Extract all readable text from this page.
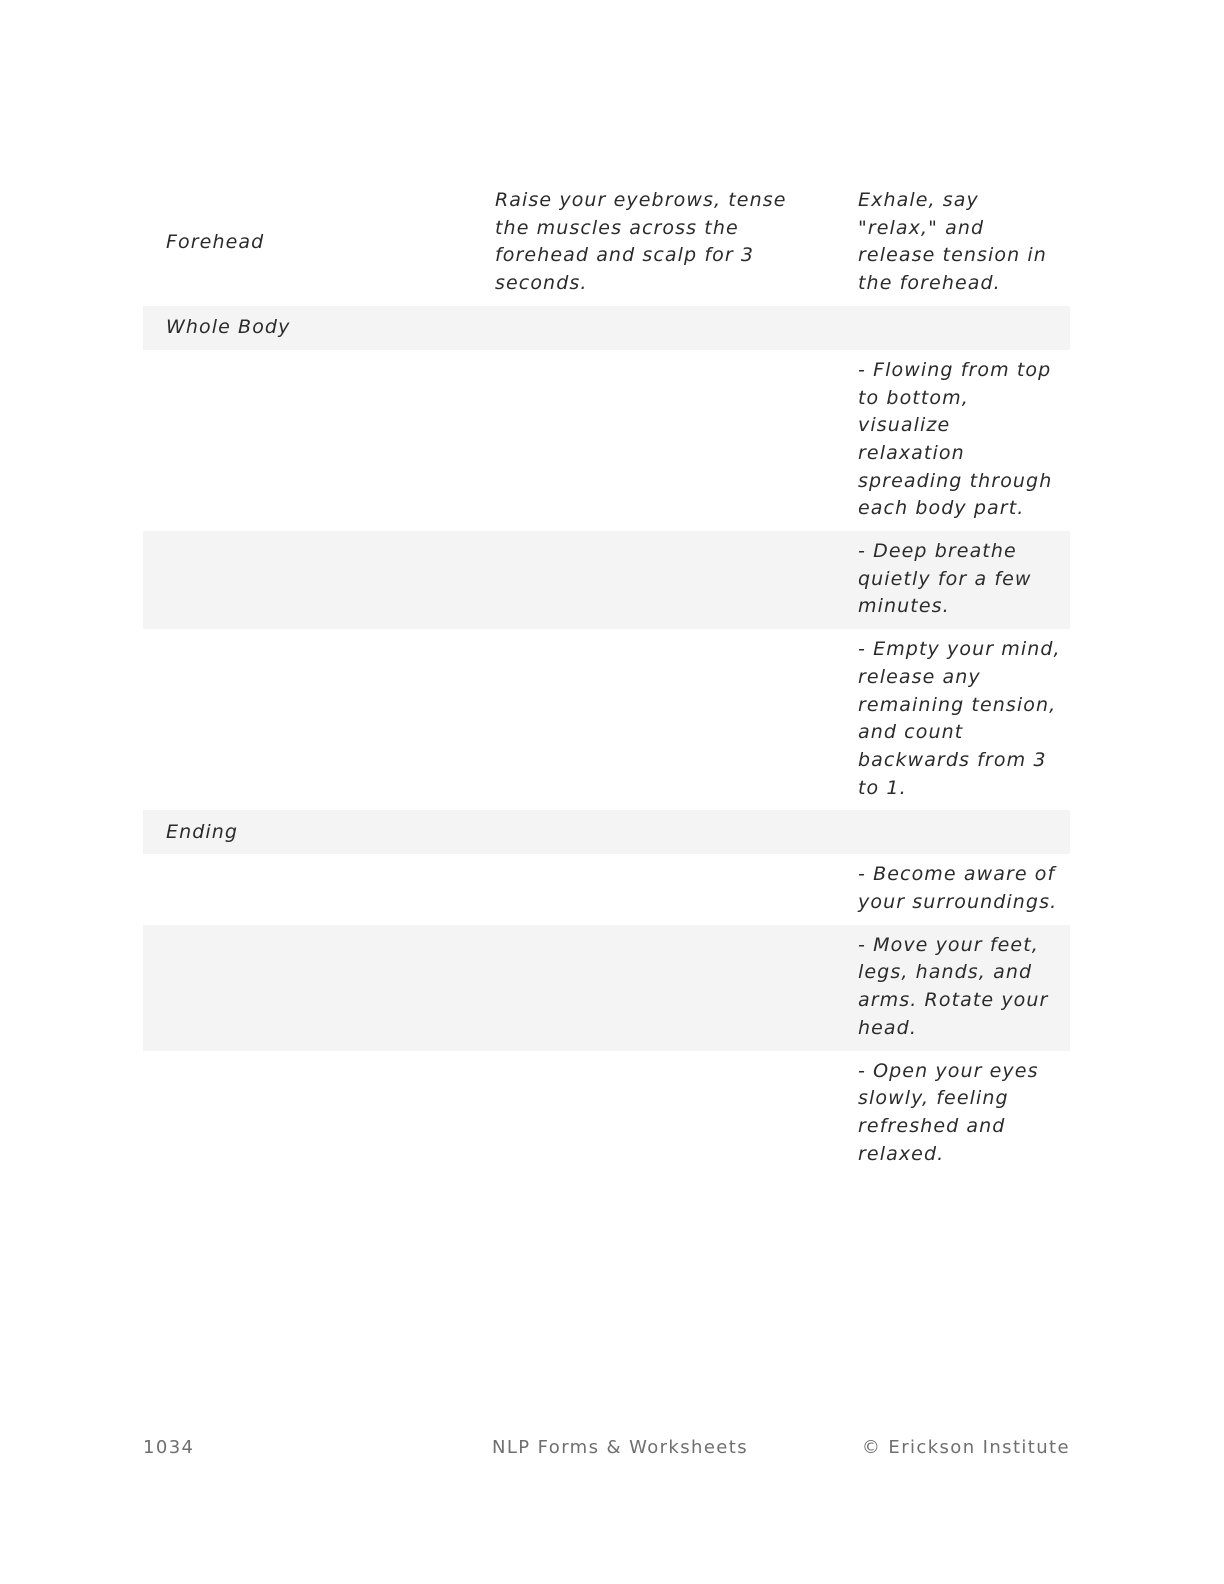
Forehead
Raise your eyebrows, tense the muscles across the forehead and scalp for 3 seconds.
Exhale, say "relax," and release tension in the forehead.
Whole Body
- Flowing from top to bottom, visualize relaxation spreading through each body part.
- Deep breathe quietly for a few minutes.
- Empty your mind, release any remaining tension, and count backwards from 3 to 1.
Ending
- Become aware of your surroundings.
- Move your feet, legs, hands, and arms. Rotate your head.
- Open your eyes slowly, feeling refreshed and relaxed.
1034	NLP Forms & Worksheets	© Erickson Institute
